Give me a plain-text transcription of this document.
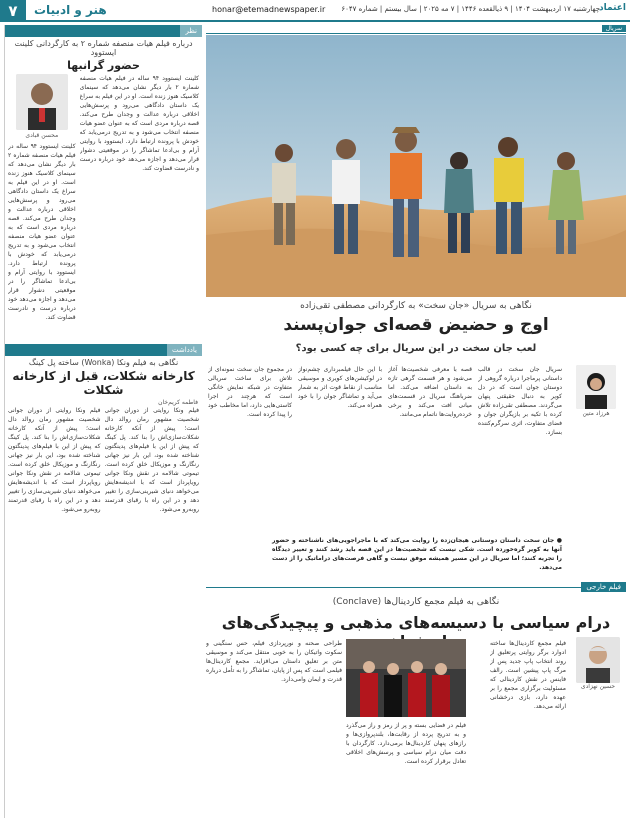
۷	هنر و ادبیات	honar@etemadnewspaper.ir چهارشنبه ۱۷ اردیبهشت ۱۴۰۴ | ۹ ذیالقعده ۱۴۴۶ | ۷ مه ۲۰۲۵ | سال بیستم | شماره ۶۰۴۷ اعتماد
نظر
درباره فیلم هیات منصفه شماره ۲ به کارگردانی کلینت ایستوود
حضور گرانبها
کلینت ایستوود ۹۴ ساله در فیلم هیات منصفه شماره ۲ بار دیگر نشان می‌دهد که سینمای کلاسیک هنوز زنده است. او در این فیلم به سراغ یک داستان دادگاهی می‌رود و پرسش‌هایی اخلاقی درباره عدالت و وجدان طرح می‌کند. قصه درباره مردی است که به عنوان عضو هیات منصفه انتخاب می‌شود و به تدریج درمی‌یابد که خودش با پرونده ارتباط دارد. ایستوود با روایتی آرام و بی‌ادعا تماشاگر را در موقعیتی دشوار قرار می‌دهد و اجازه می‌دهد خود درباره درست و نادرست قضاوت کند.
محسن قبادی
کلینت ایستوود ۹۴ ساله در فیلم هیات منصفه شماره ۲ بار دیگر نشان می‌دهد که سینمای کلاسیک هنوز زنده است. او در این فیلم به سراغ یک داستان دادگاهی می‌رود و پرسش‌هایی اخلاقی درباره عدالت و وجدان طرح می‌کند. قصه درباره مردی است که به عنوان عضو هیات منصفه انتخاب می‌شود و به تدریج درمی‌یابد که خودش با پرونده ارتباط دارد. ایستوود با روایتی آرام و بی‌ادعا تماشاگر را در موقعیتی دشوار قرار می‌دهد و اجازه می‌دهد خود درباره درست و نادرست قضاوت کند.
یادداشت
نگاهی به فیلم ونکا (Wonka) ساخته پل کینگ
کارخانه شکلات، قبل از کارخانه شکلات
فاطمه کریم‌خان
فیلم ونکا روایتی از دوران جوانی شخصیت مشهور رمان روالد دال است؛ پیش از آنکه کارخانه شکلات‌سازی‌اش را بنا کند. پل کینگ که پیش از این با فیلم‌های پدینگتون شناخته شده بود، این بار نیز جهانی رنگارنگ و موزیکال خلق کرده است. تیموتی شالامه در نقش ونکا جوانی رویاپرداز است که با اندیشه‌هایش می‌خواهد دنیای شیرینی‌سازی را تغییر دهد و در این راه با رقبای قدرتمند روبه‌رو می‌شود.
فیلم ونکا روایتی از دوران جوانی شخصیت مشهور رمان روالد دال است؛ پیش از آنکه کارخانه شکلات‌سازی‌اش را بنا کند. پل کینگ که پیش از این با فیلم‌های پدینگتون شناخته شده بود، این بار نیز جهانی رنگارنگ و موزیکال خلق کرده است. تیموتی شالامه در نقش ونکا جوانی رویاپرداز است که با اندیشه‌هایش می‌خواهد دنیای شیرینی‌سازی را تغییر دهد و در این راه با رقبای قدرتمند روبه‌رو می‌شود.
سریال
نگاهی به سریال «جان سخت» به کارگردانی مصطفی تقی‌زاده
اوج و حضیض قصه‌ای جوان‌پسند
لعب جان سخت در این سریال برای چه کسی بود؟
هرزاد متین
سریال جان سخت در قالب داستانی پرماجرا درباره گروهی از دوستان جوان است که در دل کویر به دنبال حقیقتی پنهان می‌گردند. مصطفی تقی‌زاده تلاش کرده با تکیه بر بازیگران جوان و فضای متفاوت، اثری سرگرم‌کننده بسازد.
قصه با معرفی شخصیت‌ها آغاز می‌شود و هر قسمت گرهی تازه به داستان اضافه می‌کند. اما ضرباهنگ سریال در قسمت‌های میانی افت می‌کند و برخی خرده‌روایت‌ها ناتمام می‌مانند.
با این حال فیلمبرداری چشم‌نواز در لوکیشن‌های کویری و موسیقی مناسب از نقاط قوت اثر به شمار می‌آید و تماشاگر جوان را با خود همراه می‌کند.
در مجموع جان سخت نمونه‌ای از تلاش برای ساخت سریالی متفاوت در شبکه نمایش خانگی است که هرچند در اجرا کاستی‌هایی دارد، اما مخاطب خود را پیدا کرده است.
● جان سخت داستان دوستانی هیجان‌زده را روایت می‌کند که با ماجراجویی‌های ناشناخته و حضور آنها به کویر گره‌خورده است. شکی نیست که شخصیت‌ها در این قصه باید رشد کنند و تغییر دیدگاه را تجربه کنند؛ اما سریال در این مسیر همیشه موفق نیست و گاهی فرصت‌های دراماتیک را از دست می‌دهد.
فیلم خارجی
نگاهی به فیلم مجمع کاردینال‌ها (Conclave)
درام سیاسی با دسیسه‌های مذهبی و پیچیدگی‌های
حسین نهزادی
فیلم مجمع کاردینال‌ها ساخته ادوارد برگر روایتی پرتعلیق از روند انتخاب پاپ جدید پس از مرگ پاپ پیشین است. رالف فاینس در نقش کاردینالی که مسئولیت برگزاری مجمع را بر عهده دارد، بازی درخشانی ارائه می‌دهد.
طراحی صحنه و نورپردازی فیلم، حس سنگینی و سکوت واتیکان را به خوبی منتقل می‌کند و موسیقی متن بر تعلیق داستان می‌افزاید. مجمع کاردینال‌ها فیلمی است که پس از پایان، تماشاگر را به تأمل درباره قدرت و ایمان وامی‌دارد.
فیلم در فضایی بسته و پر از رمز و راز می‌گذرد و به تدریج پرده از رقابت‌ها، بلندپروازی‌ها و رازهای پنهان کاردینال‌ها برمی‌دارد. کارگردان با دقت میان درام سیاسی و پرسش‌های اخلاقی تعادل برقرار کرده است.
